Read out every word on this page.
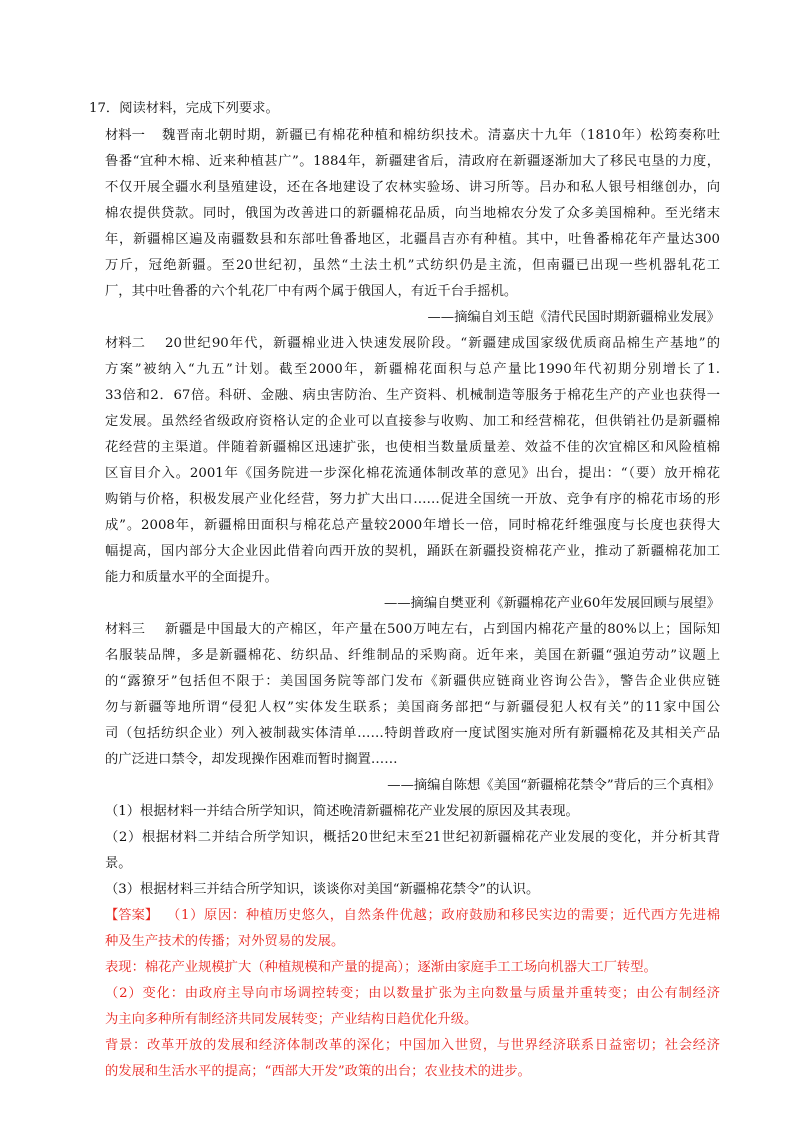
17．阅读材料，完成下列要求。
材料一 魏晋南北朝时期，新疆已有棉花种植和棉纺织技术。清嘉庆十九年（1810年）松筠奏称吐
鲁番“宜种木棉、近来种植甚广”。1884年，新疆建省后，清政府在新疆逐渐加大了移民屯垦的力度，
不仅开展全疆水利垦殖建设，还在各地建设了农林实验场、讲习所等。吕办和私人银号相继创办，向
棉农提供贷款。同时，俄国为改善进口的新疆棉花品质，向当地棉农分发了众多美国棉种。至光绪末
年，新疆棉区遍及南疆数县和东部吐鲁番地区，北疆昌吉亦有种植。其中，吐鲁番棉花年产量达300
万斤，冠绝新疆。至20世纪初，虽然“土法土机”式纺织仍是主流，但南疆已出现一些机器轧花工
厂，其中吐鲁番的六个轧花厂中有两个属于俄国人，有近千台手摇机。
——摘编自刘玉皑《清代民国时期新疆棉业发展》
材料二 20世纪90年代，新疆棉业进入快速发展阶段。“新疆建成国家级优质商品棉生产基地”的
方案”被纳入“九五”计划。截至2000年，新疆棉花面积与总产量比1990年代初期分别增长了1.
33倍和2．67倍。科研、金融、病虫害防治、生产资料、机械制造等服务于棉花生产的产业也获得一
定发展。虽然经省级政府资格认定的企业可以直接参与收购、加工和经营棉花，但供销社仍是新疆棉
花经营的主渠道。伴随着新疆棉区迅速扩张，也使相当数量质量差、效益不佳的次宜棉区和风险植棉
区盲目介入。2001年《国务院进一步深化棉花流通体制改革的意见》出台，提出：“（要）放开棉花
购销与价格，积极发展产业化经营，努力扩大出口……促进全国统一开放、竞争有序的棉花市场的形
成”。2008年，新疆棉田面积与棉花总产量较2000年增长一倍，同时棉花纤维强度与长度也获得大
幅提高，国内部分大企业因此借着向西开放的契机，踊跃在新疆投资棉花产业，推动了新疆棉花加工
能力和质量水平的全面提升。
——摘编自樊亚利《新疆棉花产业60年发展回顾与展望》
材料三 新疆是中国最大的产棉区，年产量在500万吨左右，占到国内棉花产量的80%以上；国际知
名服装品牌，多是新疆棉花、纺织品、纤维制品的采购商。近年来，美国在新疆“强迫劳动”议题上
的“露獠牙”包括但不限于：美国国务院等部门发布《新疆供应链商业咨询公告》，警告企业供应链
勿与新疆等地所谓“侵犯人权”实体发生联系；美国商务部把“与新疆侵犯人权有关”的11家中国公
司（包括纺织企业）列入被制裁实体清单……特朗普政府一度试图实施对所有新疆棉花及其相关产品
的广泛进口禁令，却发现操作困难而暂时搁置……
——摘编自陈想《美国“新疆棉花禁令”背后的三个真相》
（1）根据材料一并结合所学知识，简述晚清新疆棉花产业发展的原因及其表现。
（2）根据材料二并结合所学知识，概括20世纪末至21世纪初新疆棉花产业发展的变化，并分析其背
景。
（3）根据材料三并结合所学知识，谈谈你对美国“新疆棉花禁令”的认识。
【答案】 （1）原因：种植历史悠久，自然条件优越；政府鼓励和移民实边的需要；近代西方先进棉
种及生产技术的传播；对外贸易的发展。
表现：棉花产业规模扩大（种植规模和产量的提高）；逐渐由家庭手工工场向机器大工厂转型。
（2）变化：由政府主导向市场调控转变；由以数量扩张为主向数量与质量并重转变；由公有制经济
为主向多种所有制经济共同发展转变；产业结构日趋优化升级。
背景：改革开放的发展和经济体制改革的深化；中国加入世贸，与世界经济联系日益密切；社会经济
的发展和生活水平的提高；“西部大开发”政策的出台；农业技术的进步。
